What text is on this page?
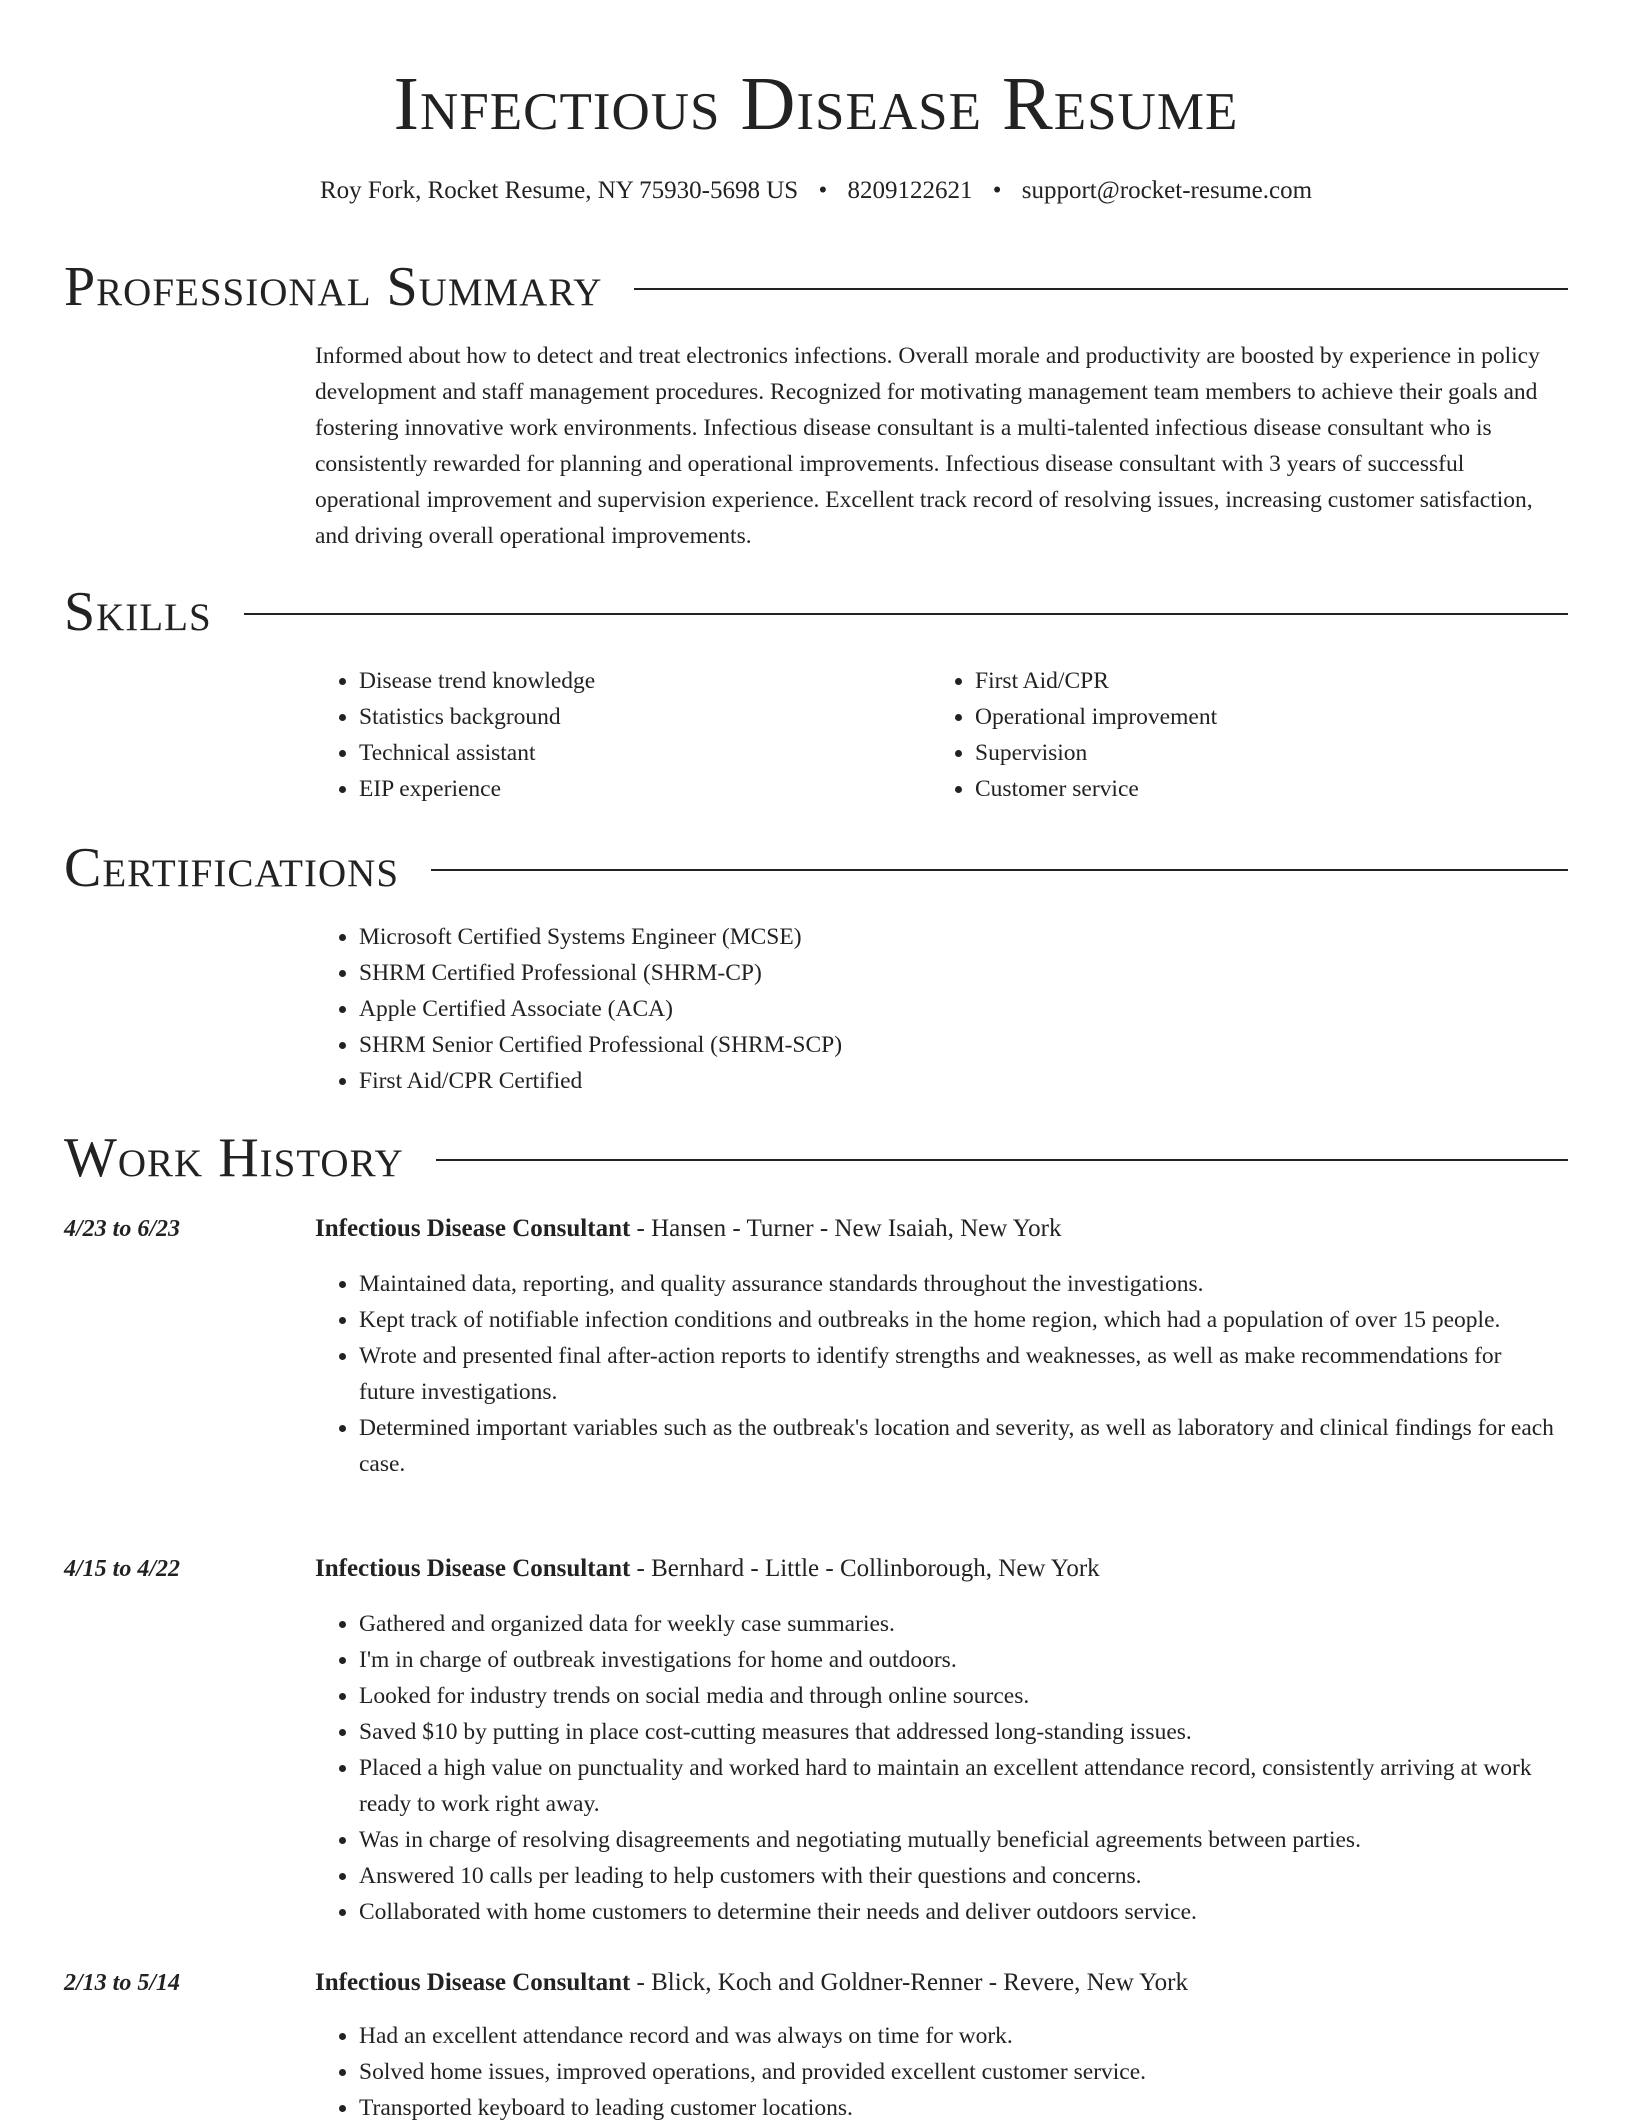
Infectious Disease Resume
Roy Fork, Rocket Resume, NY 75930-5698 US • 8209122621 • support@rocket-resume.com
Professional Summary
Informed about how to detect and treat electronics infections. Overall morale and productivity are boosted by experience in policy development and staff management procedures. Recognized for motivating management team members to achieve their goals and fostering innovative work environments. Infectious disease consultant is a multi-talented infectious disease consultant who is consistently rewarded for planning and operational improvements. Infectious disease consultant with 3 years of successful operational improvement and supervision experience. Excellent track record of resolving issues, increasing customer satisfaction, and driving overall operational improvements.
Skills
• Disease trend knowledge
• Statistics background
• Technical assistant
• EIP experience
• First Aid/CPR
• Operational improvement
• Supervision
• Customer service
Certifications
• Microsoft Certified Systems Engineer (MCSE)
• SHRM Certified Professional (SHRM-CP)
• Apple Certified Associate (ACA)
• SHRM Senior Certified Professional (SHRM-SCP)
• First Aid/CPR Certified
Work History
4/23 to 6/23	Infectious Disease Consultant - Hansen - Turner - New Isaiah, New York
• Maintained data, reporting, and quality assurance standards throughout the investigations.
• Kept track of notifiable infection conditions and outbreaks in the home region, which had a population of over 15 people.
• Wrote and presented final after-action reports to identify strengths and weaknesses, as well as make recommendations for future investigations.
• Determined important variables such as the outbreak's location and severity, as well as laboratory and clinical findings for each case.
4/15 to 4/22	Infectious Disease Consultant - Bernhard - Little - Collinborough, New York
• Gathered and organized data for weekly case summaries.
• I'm in charge of outbreak investigations for home and outdoors.
• Looked for industry trends on social media and through online sources.
• Saved $10 by putting in place cost-cutting measures that addressed long-standing issues.
• Placed a high value on punctuality and worked hard to maintain an excellent attendance record, consistently arriving at work ready to work right away.
• Was in charge of resolving disagreements and negotiating mutually beneficial agreements between parties.
• Answered 10 calls per leading to help customers with their questions and concerns.
• Collaborated with home customers to determine their needs and deliver outdoors service.
2/13 to 5/14	Infectious Disease Consultant - Blick, Koch and Goldner-Renner - Revere, New York
• Had an excellent attendance record and was always on time for work.
• Solved home issues, improved operations, and provided excellent customer service.
• Transported keyboard to leading customer locations.
